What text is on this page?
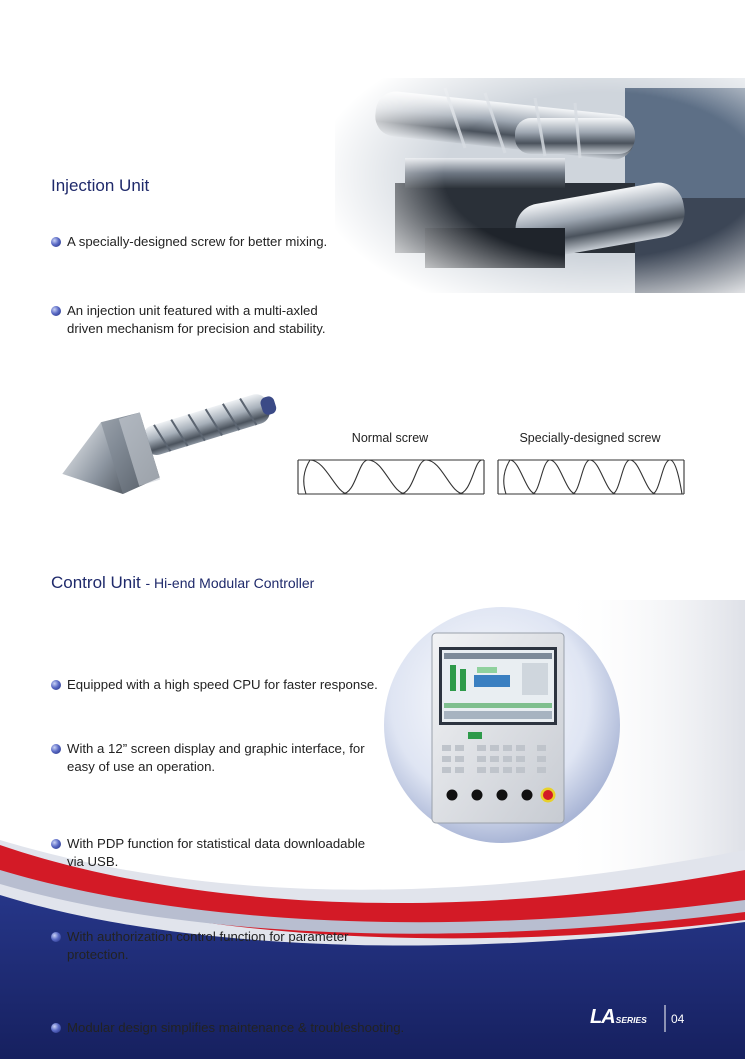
Injection Unit
A specially-designed screw for better mixing.
An injection unit featured with a multi-axled
driven mechanism for precision and stability.
Normal screw	Specially-designed screw
Control Unit - Hi-end Modular Controller
Equipped with a high speed CPU for faster response.
With a 12” screen display and graphic interface, for
easy of use an operation.
With PDP function for statistical data downloadable
via USB.
With authorization control function for parameter
protection.
Modular design simplifies maintenance & troubleshooting.	LASERIES 04
